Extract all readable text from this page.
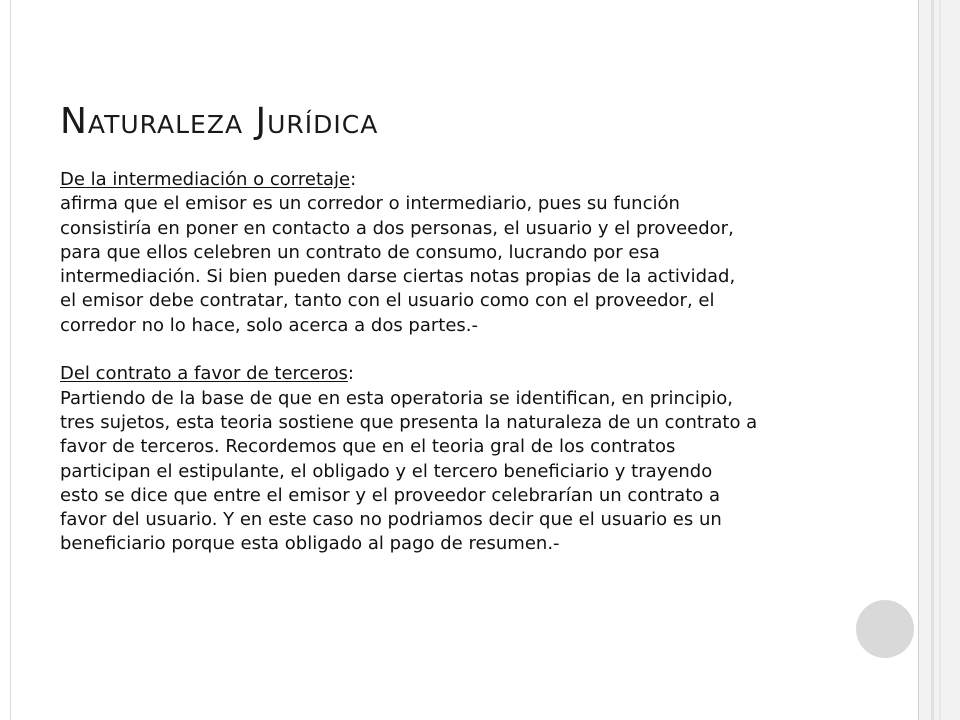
Naturaleza Jurídica
De la intermediación o corretaje:
afirma que el emisor es un corredor o intermediario, pues su función
consistiría en poner en contacto a dos personas, el usuario y el proveedor,
para que ellos celebren un contrato de consumo, lucrando por esa
intermediación. Si bien pueden darse ciertas notas propias de la actividad,
el emisor debe contratar, tanto con el usuario como con el proveedor, el
corredor no lo hace, solo acerca a dos partes.-
Del contrato a favor de terceros:
Partiendo de la base de que en esta operatoria se identifican, en principio,
tres sujetos, esta teoria sostiene que presenta la naturaleza de un contrato a
favor de terceros. Recordemos que en el teoria gral de los contratos
participan el estipulante, el obligado y el tercero beneficiario y trayendo
esto se dice que entre el emisor y el proveedor celebrarían un contrato a
favor del usuario. Y en este caso no podriamos decir que el usuario es un
beneficiario porque esta obligado al pago de resumen.-
